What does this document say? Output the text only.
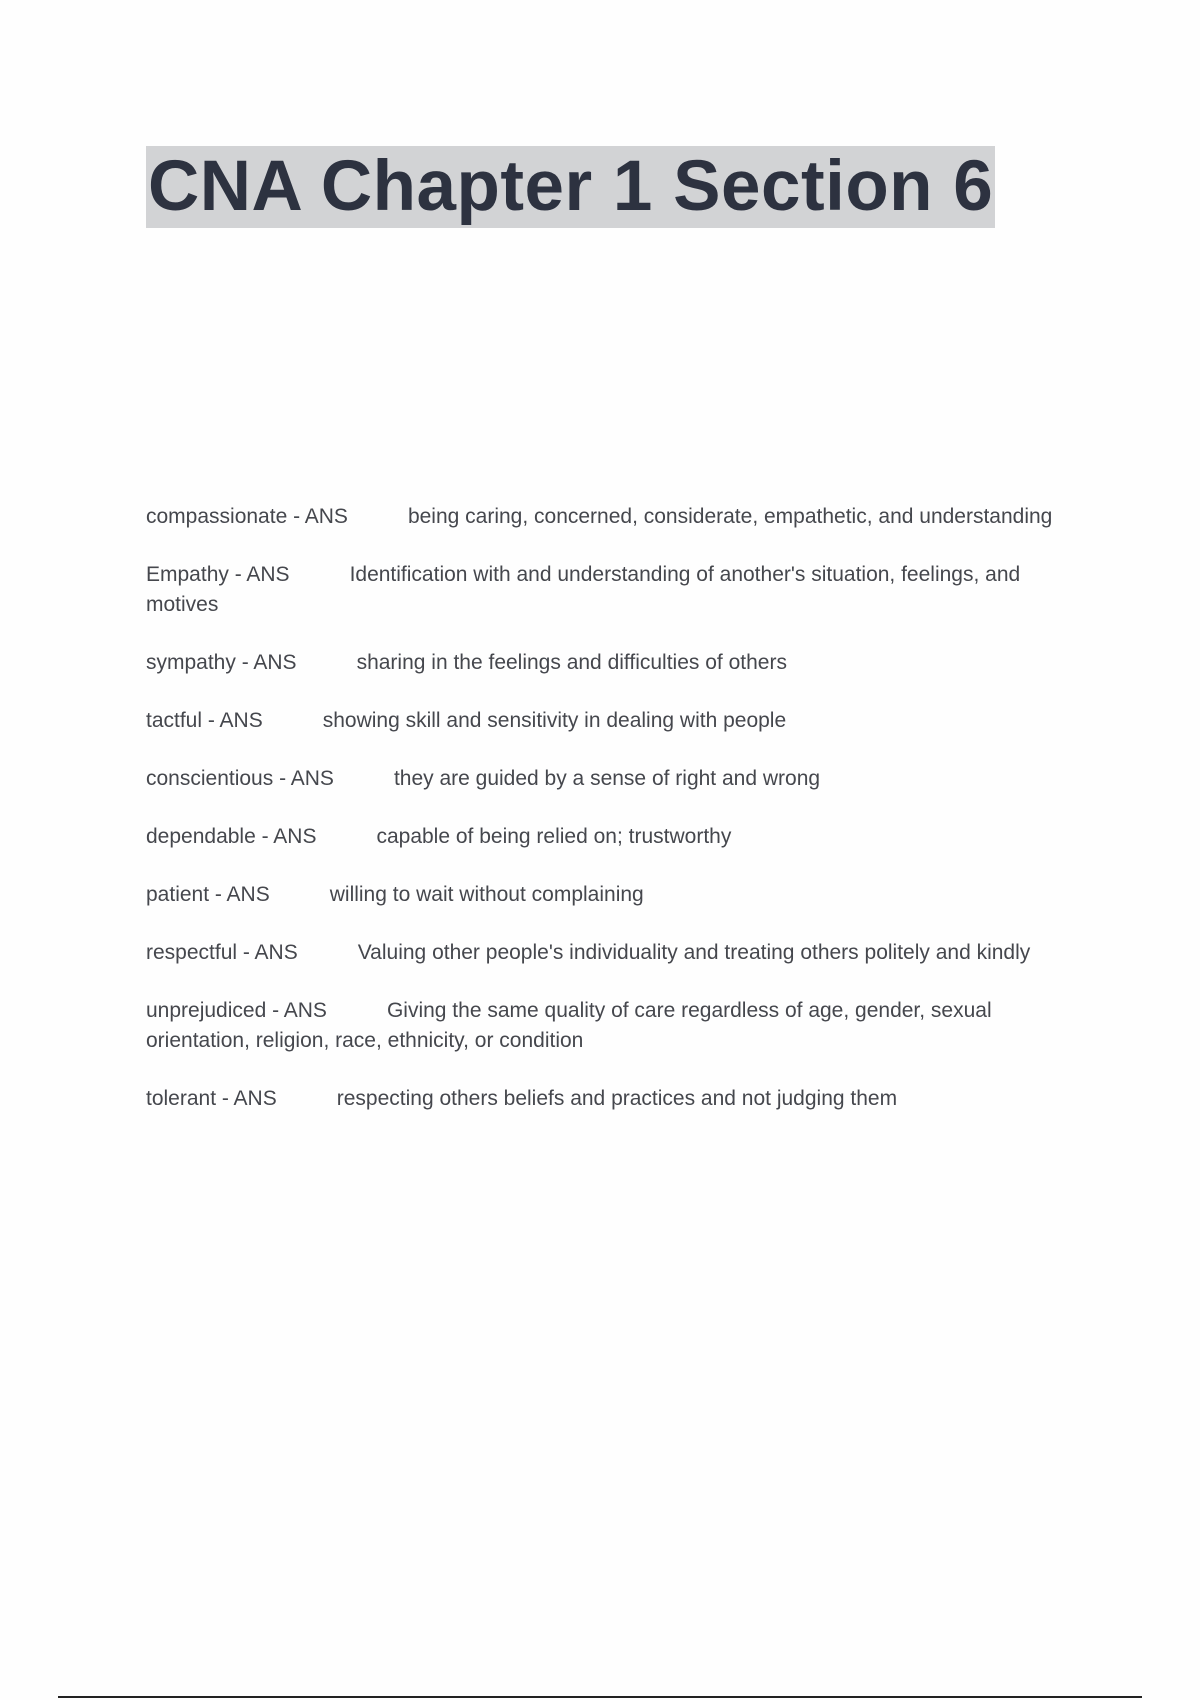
CNA Chapter 1 Section 6
compassionate - ANS	being caring, concerned, considerate, empathetic, and understanding
Empathy - ANS	Identification with and understanding of another's situation, feelings, and motives
sympathy - ANS	sharing in the feelings and difficulties of others
tactful - ANS	showing skill and sensitivity in dealing with people
conscientious - ANS	they are guided by a sense of right and wrong
dependable - ANS	capable of being relied on; trustworthy
patient - ANS	willing to wait without complaining
respectful - ANS	Valuing other people's individuality and treating others politely and kindly
unprejudiced - ANS	Giving the same quality of care regardless of age, gender, sexual orientation, religion, race, ethnicity, or condition
tolerant - ANS	respecting others beliefs and practices and not judging them
